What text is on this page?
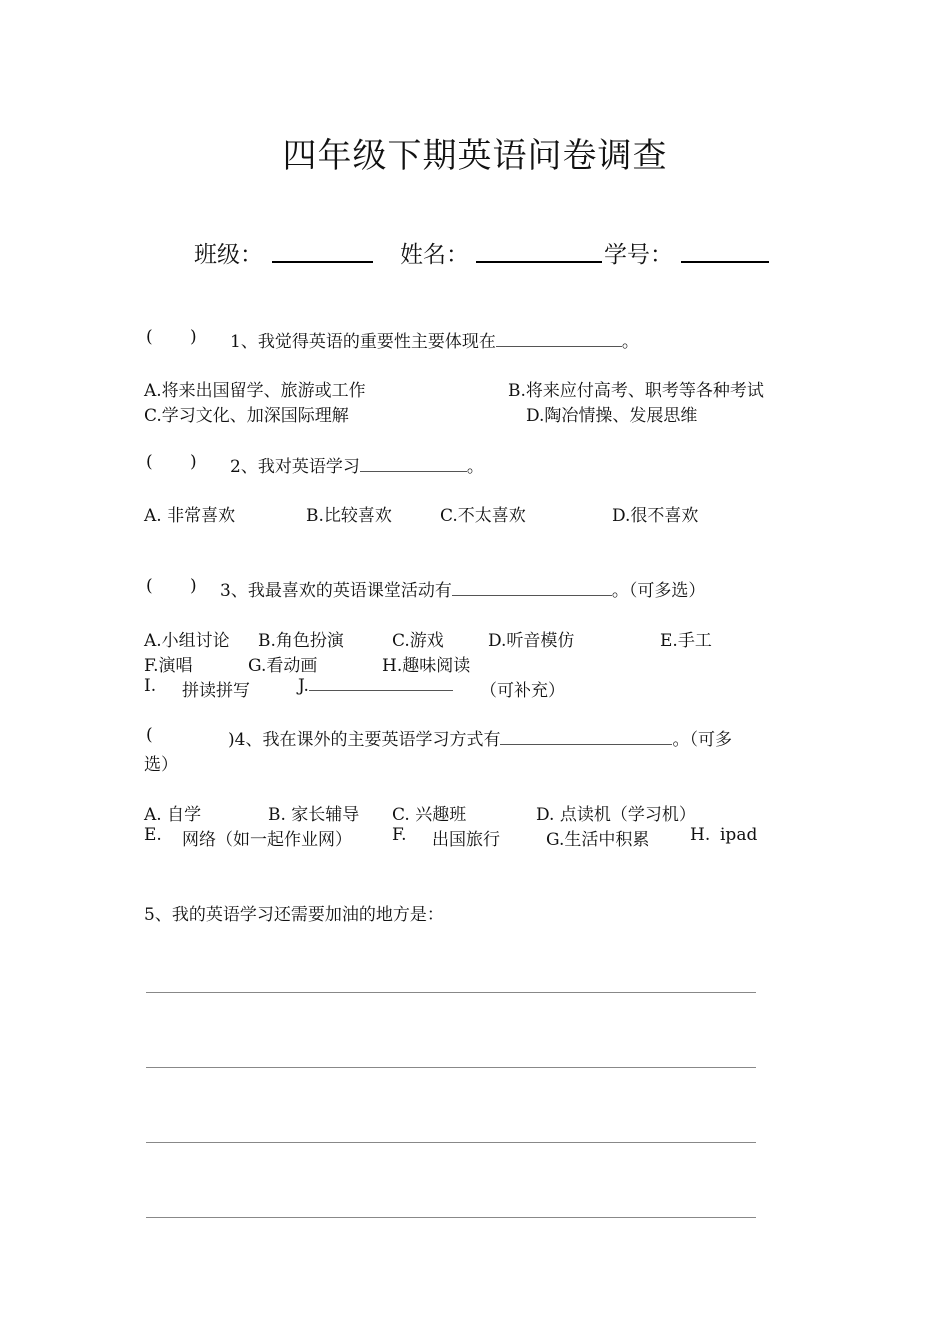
四年级下期英语问卷调查
班级：	姓名：	学号：
( ) 1、我觉得英语的重要性主要体现在	。
A.将来出国留学、旅游或工作	B.将来应付高考、职考等各种考试
C.学习文化、加深国际理解	D.陶冶情操、发展思维
( ) 2、我对英语学习	。
A. 非常喜欢	B.比较喜欢	C.不太喜欢	D.很不喜欢
( ) 3、我最喜欢的英语课堂活动有	。（可多选）
A.小组讨论 B.角色扮演	C.游戏	D.听音模仿	E.手工
F.演唱	G.看动画	H.趣味阅读
I. 拼读拼写	J.	（可补充）
(	)4、我在课外的主要英语学习方式有	。（可多
选）
A. 自学	B. 家长辅导 C. 兴趣班	D. 点读机（学习机）
E. 网络（如一起作业网） F. 出国旅行	G.生活中积累 H. ipad
5、我的英语学习还需要加油的地方是：
